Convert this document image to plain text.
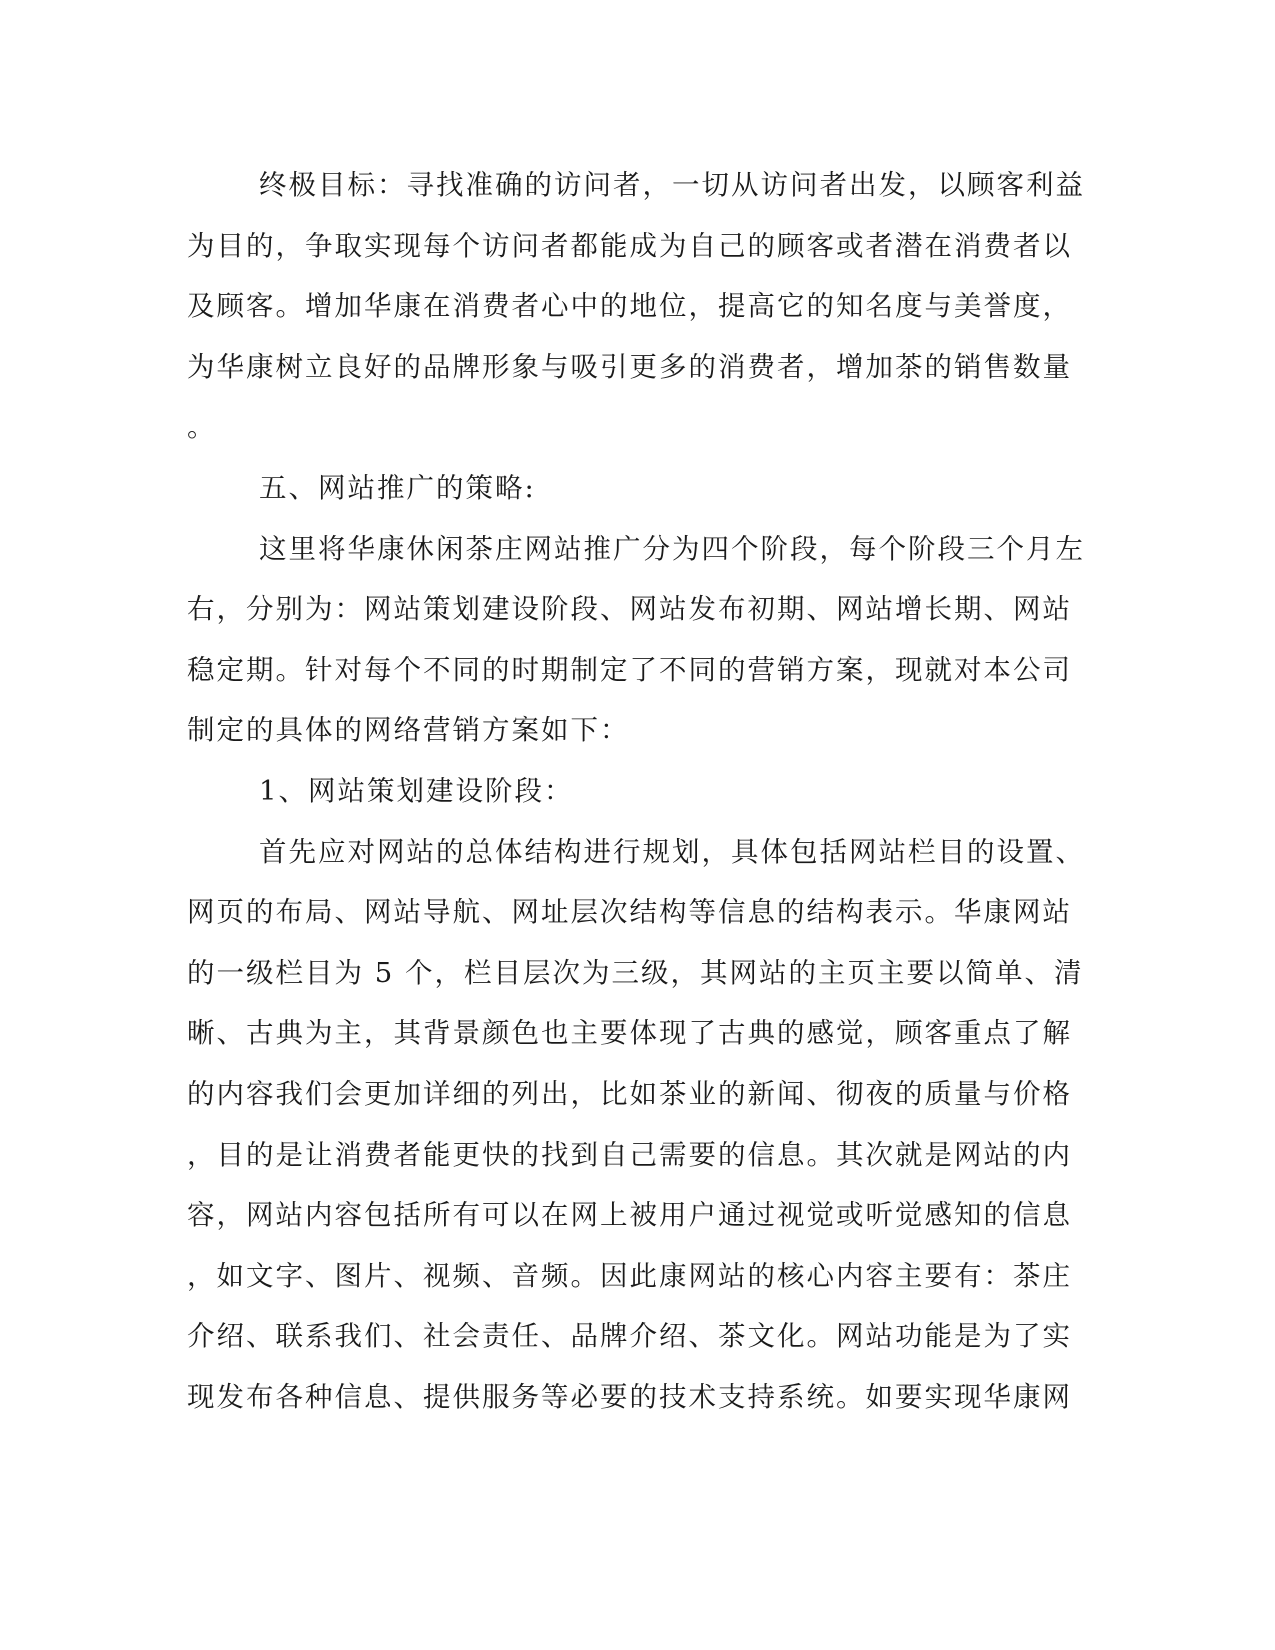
终极目标：寻找准确的访问者，一切从访问者出发，以顾客利益
为目的，争取实现每个访问者都能成为自己的顾客或者潜在消费者以
及顾客。增加华康在消费者心中的地位，提高它的知名度与美誉度，
为华康树立良好的品牌形象与吸引更多的消费者，增加茶的销售数量
。
五、网站推广的策略:
这里将华康休闲茶庄网站推广分为四个阶段，每个阶段三个月左
右，分别为：网站策划建设阶段、网站发布初期、网站增长期、网站
稳定期。针对每个不同的时期制定了不同的营销方案，现就对本公司
制定的具体的网络营销方案如下：
1、网站策划建设阶段：
首先应对网站的总体结构进行规划，具体包括网站栏目的设置、
网页的布局、网站导航、网址层次结构等信息的结构表示。华康网站
的一级栏目为 5 个，栏目层次为三级，其网站的主页主要以简单、清
晰、古典为主，其背景颜色也主要体现了古典的感觉，顾客重点了解
的内容我们会更加详细的列出，比如茶业的新闻、彻夜的质量与价格
，目的是让消费者能更快的找到自己需要的信息。其次就是网站的内
容，网站内容包括所有可以在网上被用户通过视觉或听觉感知的信息
，如文字、图片、视频、音频。因此康网站的核心内容主要有：茶庄
介绍、联系我们、社会责任、品牌介绍、茶文化。网站功能是为了实
现发布各种信息、提供服务等必要的技术支持系统。如要实现华康网
